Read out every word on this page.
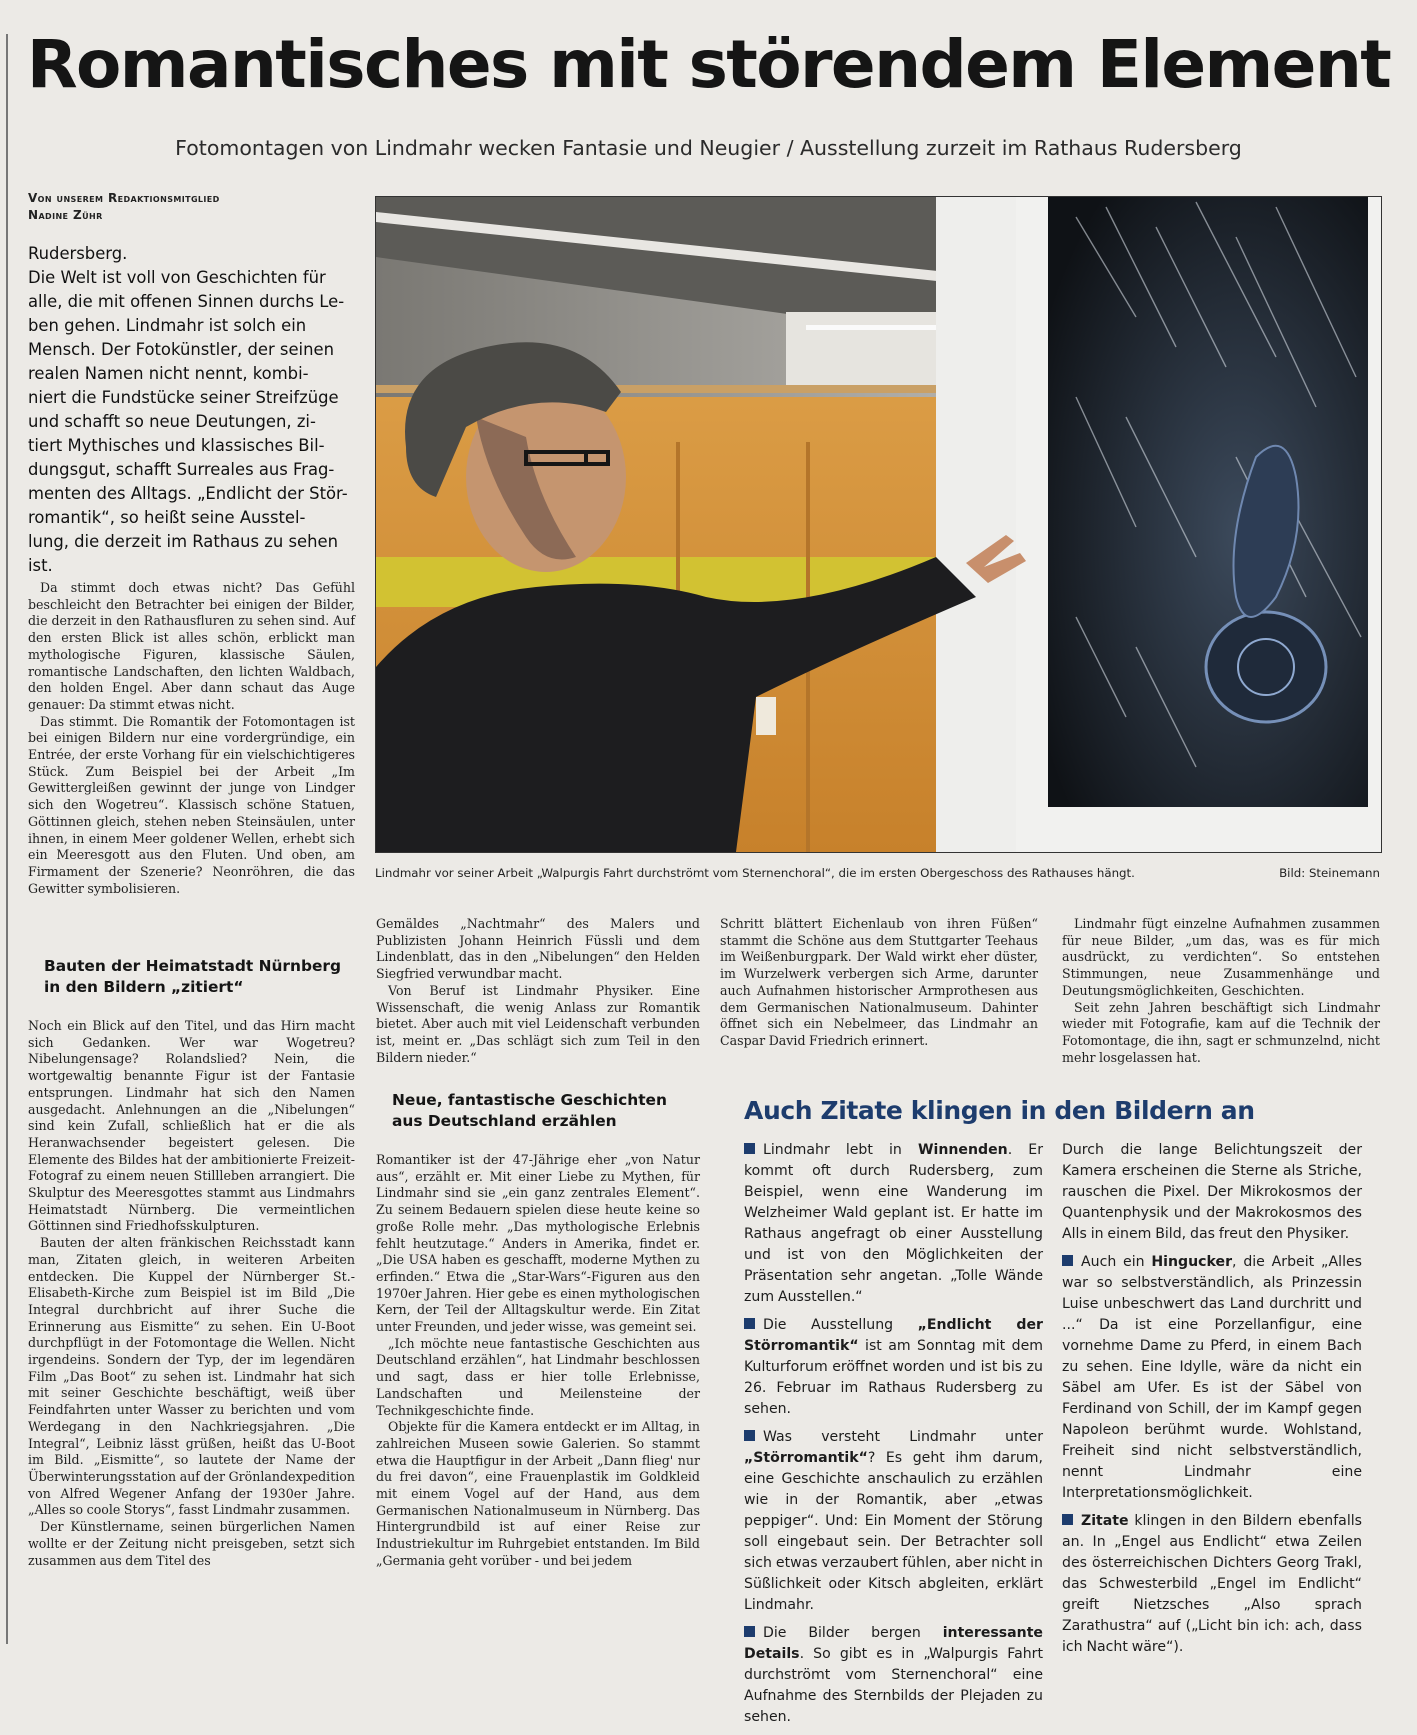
Romantisches mit störendem Element
Fotomontagen von Lindmahr wecken Fantasie und Neugier / Ausstellung zurzeit im Rathaus Rudersberg
Von unserem Redaktionsmitglied
Nadine Zühr
Rudersberg.
Die Welt ist voll von Geschichten für
alle, die mit offenen Sinnen durchs Le-
ben gehen. Lindmahr ist solch ein
Mensch. Der Fotokünstler, der seinen
realen Namen nicht nennt, kombi-
niert die Fundstücke seiner Streifzüge
und schafft so neue Deutungen, zi-
tiert Mythisches und klassisches Bil-
dungsgut, schafft Surreales aus Frag-
menten des Alltags. „Endlicht der Stör-
romantik“, so heißt seine Ausstel-
lung, die derzeit im Rathaus zu sehen ist.

Da stimmt doch etwas nicht? Das Gefühl beschleicht den Betrachter bei einigen der Bilder, die derzeit in den Rathausfluren zu sehen sind. Auf den ersten Blick ist alles schön, erblickt man mythologische Figuren, klassische Säulen, romantische Landschaften, den lichten Waldbach, den holden Engel. Aber dann schaut das Auge genauer: Da stimmt etwas nicht.

Das stimmt. Die Romantik der Fotomontagen ist bei einigen Bildern nur eine vordergründige, ein Entrée, der erste Vorhang für ein vielschichtigeres Stück. Zum Beispiel bei der Arbeit „Im Gewittergleißen gewinnt der junge von Lindger sich den Wogetreu“. Klassisch schöne Statuen, Göttinnen gleich, stehen neben Steinsäulen, unter ihnen, in einem Meer goldener Wellen, erhebt sich ein Meeresgott aus den Fluten. Und oben, am Firmament der Szenerie? Neonröhren, die das Gewitter symbolisieren.

Bauten der Heimatstadt Nürnberg
in den Bildern „zitiert“

Noch ein Blick auf den Titel, und das Hirn macht sich Gedanken. Wer war Wogetreu? Nibelungensage? Rolandslied? Nein, die wortgewaltig benannte Figur ist der Fantasie entsprungen. Lindmahr hat sich den Namen ausgedacht. Anlehnungen an die „Nibelungen“ sind kein Zufall, schließlich hat er die als Heranwachsender begeistert gelesen. Die Elemente des Bildes hat der ambitionierte Freizeit-Fotograf zu einem neuen Stillleben arrangiert. Die Skulptur des Meeresgottes stammt aus Lindmahrs Heimatstadt Nürnberg. Die vermeintlichen Göttinnen sind Friedhofsskulpturen.

Bauten der alten fränkischen Reichsstadt kann man, Zitaten gleich, in weiteren Arbeiten entdecken. Die Kuppel der Nürnberger St.-Elisabeth-Kirche zum Beispiel ist im Bild „Die Integral durchbricht auf ihrer Suche die Erinnerung aus Eismitte“ zu sehen. Ein U-Boot durchpflügt in der Fotomontage die Wellen. Nicht irgendeins. Sondern der Typ, der im legendären Film „Das Boot“ zu sehen ist. Lindmahr hat sich mit seiner Geschichte beschäftigt, weiß über Feindfahrten unter Wasser zu berichten und vom Werdegang in den Nachkriegsjahren. „Die Integral“, Leibniz lässt grüßen, heißt das U-Boot im Bild. „Eismitte“, so lautete der Name der Überwinterungsstation auf der Grönlandexpedition von Alfred Wegener Anfang der 1930er Jahre. „Alles so coole Storys“, fasst Lindmahr zusammen.

Der Künstlername, seinen bürgerlichen Namen wollte er der Zeitung nicht preisgeben, setzt sich zusammen aus dem Titel des

Lindmahr vor seiner Arbeit „Walpurgis Fahrt durchströmt vom Sternenchoral“, die im ersten Obergeschoss des Rathauses hängt.	Bild: Steinemann

Gemäldes „Nachtmahr“ des Malers und Publizisten Johann Heinrich Füssli und dem Lindenblatt, das in den „Nibelungen“ den Helden Siegfried verwundbar macht.

Von Beruf ist Lindmahr Physiker. Eine Wissenschaft, die wenig Anlass zur Romantik bietet. Aber auch mit viel Leidenschaft verbunden ist, meint er. „Das schlägt sich zum Teil in den Bildern nieder.“

Neue, fantastische Geschichten
aus Deutschland erzählen

Romantiker ist der 47-Jährige eher „von Natur aus“, erzählt er. Mit einer Liebe zu Mythen, für Lindmahr sind sie „ein ganz zentrales Element“. Zu seinem Bedauern spielen diese heute keine so große Rolle mehr. „Das mythologische Erlebnis fehlt heutzutage.“ Anders in Amerika, findet er. „Die USA haben es geschafft, moderne Mythen zu erfinden.“ Etwa die „Star-Wars“-Figuren aus den 1970er Jahren. Hier gebe es einen mythologischen Kern, der Teil der Alltagskultur werde. Ein Zitat unter Freunden, und jeder wisse, was gemeint sei.

„Ich möchte neue fantastische Geschichten aus Deutschland erzählen“, hat Lindmahr beschlossen und sagt, dass er hier tolle Erlebnisse, Landschaften und Meilensteine der Technikgeschichte finde.

Objekte für die Kamera entdeckt er im Alltag, in zahlreichen Museen sowie Galerien. So stammt etwa die Hauptfigur in der Arbeit „Dann flieg' nur du frei davon“, eine Frauenplastik im Goldkleid mit einem Vogel auf der Hand, aus dem Germanischen Nationalmuseum in Nürnberg. Das Hintergrundbild ist auf einer Reise zur Industriekultur im Ruhrgebiet entstanden. Im Bild „Germania geht vorüber - und bei jedem

Schritt blättert Eichenlaub von ihren Füßen“ stammt die Schöne aus dem Stuttgarter Teehaus im Weißenburgpark. Der Wald wirkt eher düster, im Wurzelwerk verbergen sich Arme, darunter auch Aufnahmen historischer Armprothesen aus dem Germanischen Nationalmuseum. Dahinter öffnet sich ein Nebelmeer, das Lindmahr an Caspar David Friedrich erinnert.

Lindmahr fügt einzelne Aufnahmen zusammen für neue Bilder, „um das, was es für mich ausdrückt, zu verdichten“. So entstehen Stimmungen, neue Zusammenhänge und Deutungsmöglichkeiten, Geschichten.

Seit zehn Jahren beschäftigt sich Lindmahr wieder mit Fotografie, kam auf die Technik der Fotomontage, die ihn, sagt er schmunzelnd, nicht mehr losgelassen hat.

Auch Zitate klingen in den Bildern an

Lindmahr lebt in Winnenden. Er kommt oft durch Rudersberg, zum Beispiel, wenn eine Wanderung im Welzheimer Wald geplant ist. Er hatte im Rathaus angefragt ob einer Ausstellung und ist von den Möglichkeiten der Präsentation sehr angetan. „Tolle Wände zum Ausstellen.“

Die Ausstellung „Endlicht der Störromantik“ ist am Sonntag mit dem Kulturforum eröffnet worden und ist bis zu 26. Februar im Rathaus Rudersberg zu sehen.

Was versteht Lindmahr unter „Störromantik“? Es geht ihm darum, eine Geschichte anschaulich zu erzählen wie in der Romantik, aber „etwas peppiger“. Und: Ein Moment der Störung soll eingebaut sein. Der Betrachter soll sich etwas verzaubert fühlen, aber nicht in Süßlichkeit oder Kitsch abgleiten, erklärt Lindmahr.

Die Bilder bergen interessante Details. So gibt es in „Walpurgis Fahrt durchströmt vom Sternenchoral“ eine Aufnahme des Sternbilds der Plejaden zu sehen.

Durch die lange Belichtungszeit der Kamera erscheinen die Sterne als Striche, rauschen die Pixel. Der Mikrokosmos der Quantenphysik und der Makrokosmos des Alls in einem Bild, das freut den Physiker.

Auch ein Hingucker, die Arbeit „Alles war so selbstverständlich, als Prinzessin Luise unbeschwert das Land durchritt und ...“ Da ist eine Porzellanfigur, eine vornehme Dame zu Pferd, in einem Bach zu sehen. Eine Idylle, wäre da nicht ein Säbel am Ufer. Es ist der Säbel von Ferdinand von Schill, der im Kampf gegen Napoleon berühmt wurde. Wohlstand, Freiheit sind nicht selbstverständlich, nennt Lindmahr eine Interpretationsmöglichkeit.

Zitate klingen in den Bildern ebenfalls an. In „Engel aus Endlicht“ etwa Zeilen des österreichischen Dichters Georg Trakl, das Schwesterbild „Engel im Endlicht“ greift Nietzsches „Also sprach Zarathustra“ auf („Licht bin ich: ach, dass ich Nacht wäre“).
